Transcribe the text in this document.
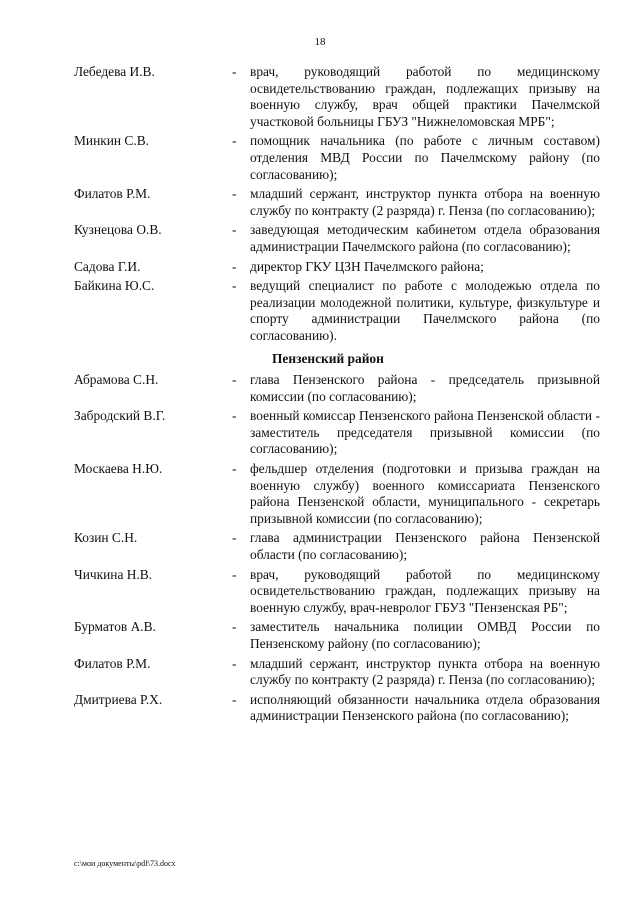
18
Лебедева И.В.	-	врач, руководящий работой по медицинскому освидетельствованию граждан, подлежащих призыву на военную службу, врач общей практики Пачелмской участковой больницы ГБУЗ "Нижнеломовская МРБ";
Минкин С.В.	-	помощник начальника (по работе с личным составом) отделения МВД России по Пачелмскому району (по согласованию);
Филатов Р.М.	-	младший сержант, инструктор пункта отбора на военную службу по контракту (2 разряда) г. Пенза (по согласованию);
Кузнецова О.В.	-	заведующая методическим кабинетом отдела образования администрации Пачелмского района (по согласованию);
Садова Г.И.	-	директор ГКУ ЦЗН Пачелмского района;
Байкина Ю.С.	-	ведущий специалист по работе с молодежью отдела по реализации молодежной политики, культуре, физкультуре и спорту администрации Пачелмского района (по согласованию).
Пензенский район
Абрамова С.Н.	-	глава Пензенского района - председатель призывной комиссии (по согласованию);
Забродский В.Г.	-	военный комиссар Пензенского района Пензенской области - заместитель председателя призывной комиссии (по согласованию);
Москаева Н.Ю.	-	фельдшер отделения (подготовки и призыва граждан на военную службу) военного комиссариата Пензенского района Пензенской области, муниципального - секретарь призывной комиссии (по согласованию);
Козин С.Н.	-	глава администрации Пензенского района Пензенской области (по согласованию);
Чичкина Н.В.	-	врач, руководящий работой по медицинскому освидетельствованию граждан, подлежащих призыву на военную службу, врач-невролог ГБУЗ "Пензенская РБ";
Бурматов А.В.	-	заместитель начальника полиции ОМВД России по Пензенскому району (по согласованию);
Филатов Р.М.	-	младший сержант, инструктор пункта отбора на военную службу по контракту (2 разряда) г. Пенза (по согласованию);
Дмитриева Р.Х.	-	исполняющий обязанности начальника отдела образования администрации Пензенского района (по согласованию);
c:\мои документы\pdf\73.docx
